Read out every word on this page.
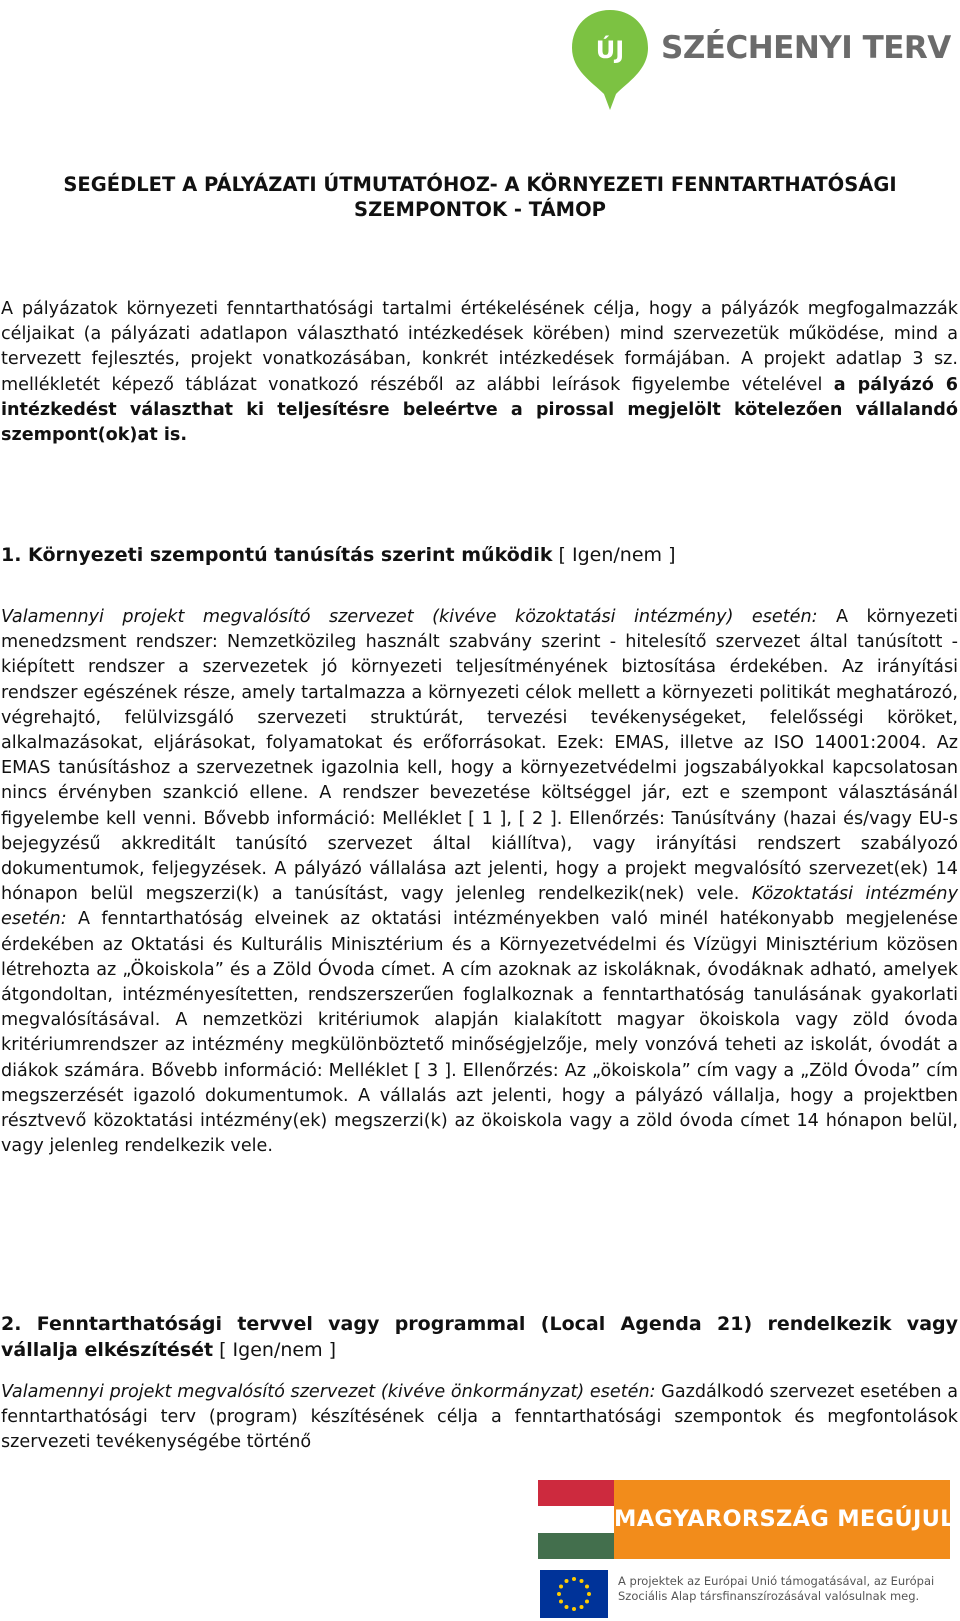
ÚJ SZÉCHENYI TERV
SEGÉDLET A PÁLYÁZATI ÚTMUTATÓHOZ- A KÖRNYEZETI FENNTARTHATÓSÁGI
SZEMPONTOK - TÁMOP

A pályázatok környezeti fenntarthatósági tartalmi értékelésének célja, hogy a pályázók megfogalmazzák céljaikat (a pályázati adatlapon választható intézkedések körében) mind szervezetük működése, mind a tervezett fejlesztés, projekt vonatkozásában, konkrét intézkedések formájában. A projekt adatlap 3 sz. mellékletét képező táblázat vonatkozó részéből az alábbi leírások figyelembe vételével a pályázó 6 intézkedést választhat ki teljesítésre beleértve a pirossal megjelölt kötelezően vállalandó szempont(ok)at is.

1. Környezeti szempontú tanúsítás szerint működik [ Igen/nem ]

Valamennyi projekt megvalósító szervezet (kivéve közoktatási intézmény) esetén: A környezeti menedzsment rendszer: Nemzetközileg használt szabvány szerint - hitelesítő szervezet által tanúsított - kiépített rendszer a szervezetek jó környezeti teljesítményének biztosítása érdekében. Az irányítási rendszer egészének része, amely tartalmazza a környezeti célok mellett a környezeti politikát meghatározó, végrehajtó, felülvizsgáló szervezeti struktúrát, tervezési tevékenységeket, felelősségi köröket, alkalmazásokat, eljárásokat, folyamatokat és erőforrásokat. Ezek: EMAS, illetve az ISO 14001:2004. Az EMAS tanúsításhoz a szervezetnek igazolnia kell, hogy a környezetvédelmi jogszabályokkal kapcsolatosan nincs érvényben szankció ellene. A rendszer bevezetése költséggel jár, ezt e szempont választásánál figyelembe kell venni. Bővebb információ: Melléklet [ 1 ], [ 2 ]. Ellenőrzés: Tanúsítvány (hazai és/vagy EU-s bejegyzésű akkreditált tanúsító szervezet által kiállítva), vagy irányítási rendszert szabályozó dokumentumok, feljegyzések. A pályázó vállalása azt jelenti, hogy a projekt megvalósító szervezet(ek) 14 hónapon belül megszerzi(k) a tanúsítást, vagy jelenleg rendelkezik(nek) vele. Közoktatási intézmény esetén: A fenntarthatóság elveinek az oktatási intézményekben való minél hatékonyabb megjelenése érdekében az Oktatási és Kulturális Minisztérium és a Környezetvédelmi és Vízügyi Minisztérium közösen létrehozta az „Ökoiskola” és a Zöld Óvoda címet. A cím azoknak az iskoláknak, óvodáknak adható, amelyek átgondoltan, intézményesítetten, rendszerszerűen foglalkoznak a fenntarthatóság tanulásának gyakorlati megvalósításával. A nemzetközi kritériumok alapján kialakított magyar ökoiskola vagy zöld óvoda kritériumrendszer az intézmény megkülönböztető minőségjelzője, mely vonzóvá teheti az iskolát, óvodát a diákok számára. Bővebb információ: Melléklet [ 3 ]. Ellenőrzés: Az „ökoiskola” cím vagy a „Zöld Óvoda” cím megszerzését igazoló dokumentumok. A vállalás azt jelenti, hogy a pályázó vállalja, hogy a projektben résztvevő közoktatási intézmény(ek) megszerzi(k) az ökoiskola vagy a zöld óvoda címet 14 hónapon belül, vagy jelenleg rendelkezik vele.

2. Fenntarthatósági tervvel vagy programmal (Local Agenda 21) rendelkezik vagy vállalja elkészítését [ Igen/nem ]

Valamennyi projekt megvalósító szervezet (kivéve önkormányzat) esetén: Gazdálkodó szervezet esetében a fenntarthatósági terv (program) készítésének célja a fenntarthatósági szempontok és megfontolások szervezeti tevékenységébe történő

MAGYARORSZÁG MEGÚJUL
A projektek az Európai Unió támogatásával, az Európai Szociális Alap társfinanszírozásával valósulnak meg.
